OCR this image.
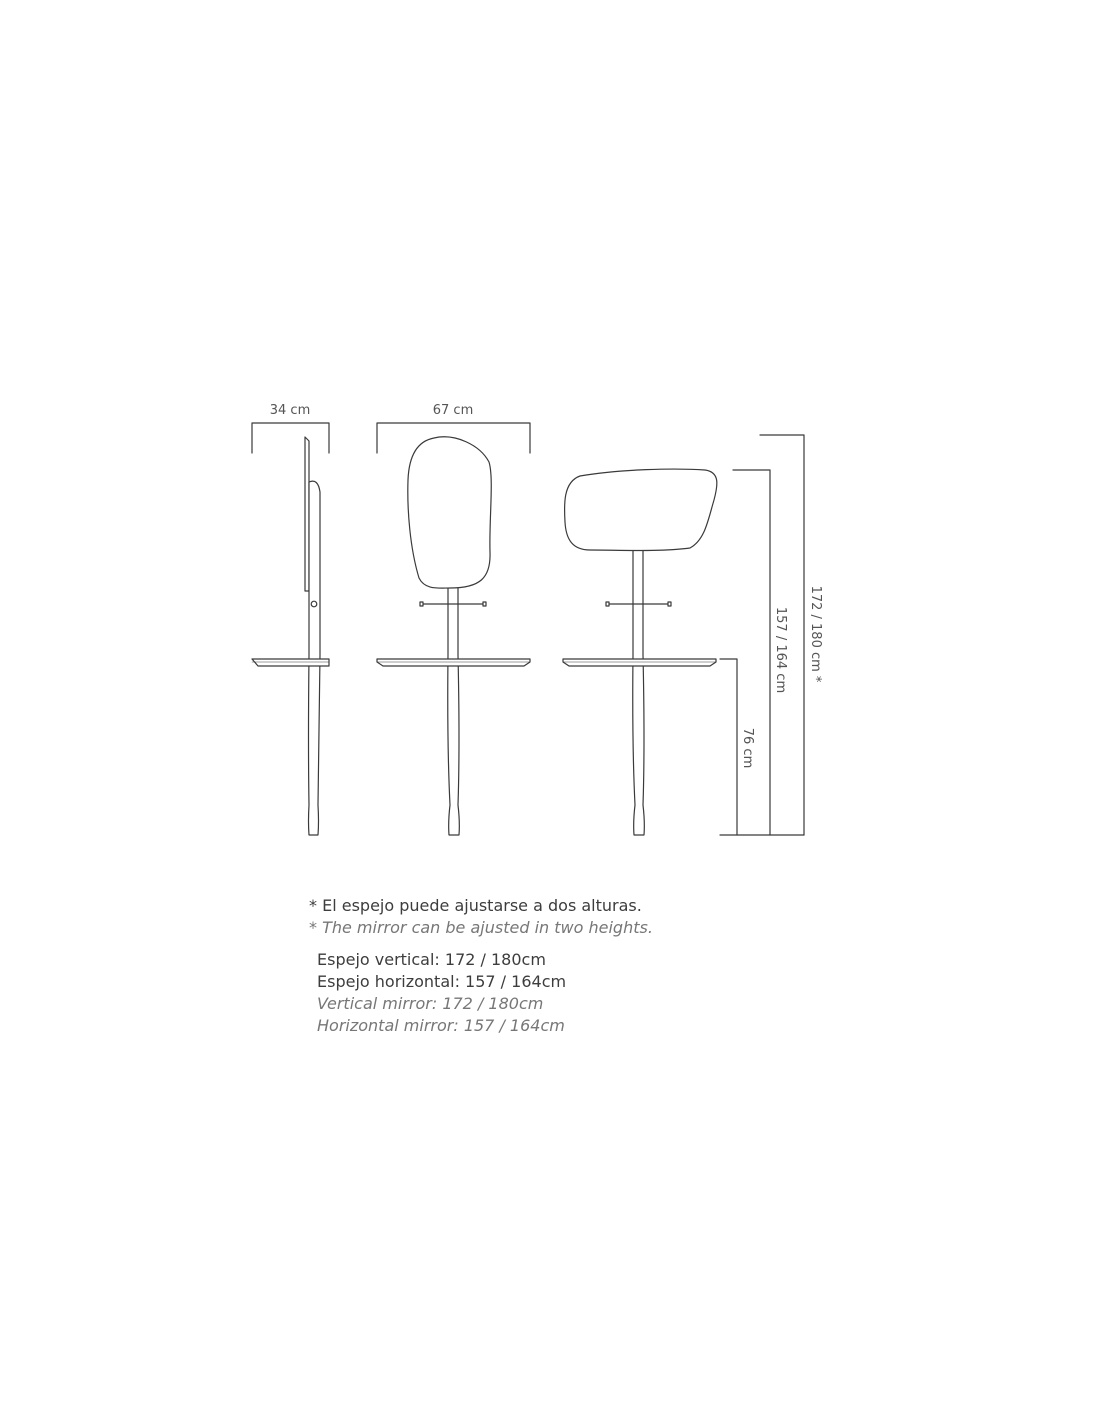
34 cm	67 cm
172 / 180 cm *
157 / 164 cm
76 cm
* El espejo puede ajustarse a dos alturas.
* The mirror can be ajusted in two heights.
Espejo vertical: 172 / 180cm
Espejo horizontal: 157 / 164cm
Vertical mirror: 172 / 180cm
Horizontal mirror: 157 / 164cm
